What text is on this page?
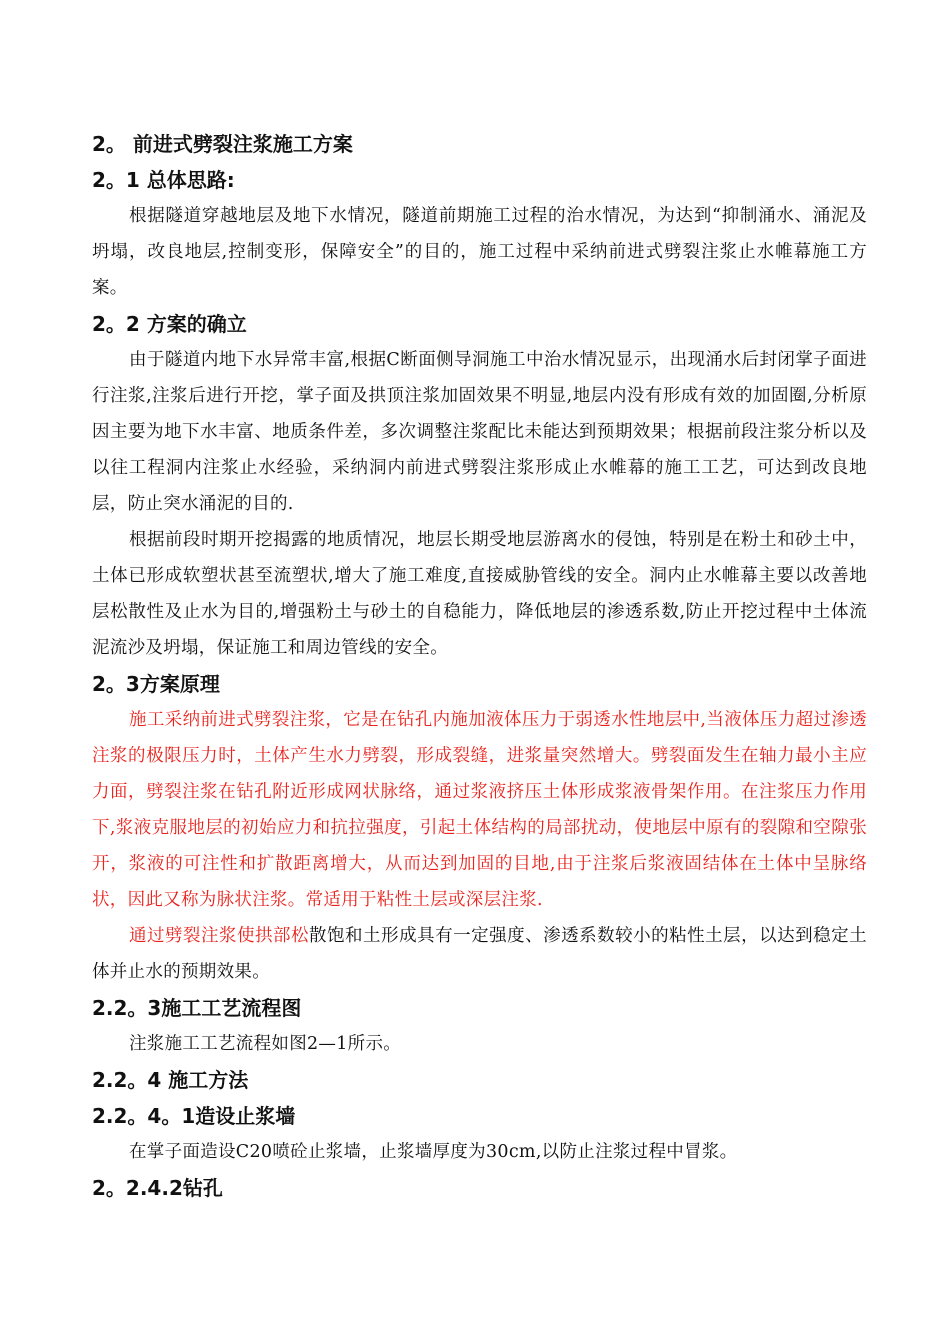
2。 前进式劈裂注浆施工方案
2。1 总体思路:

根据隧道穿越地层及地下水情况，隧道前期施工过程的治水情况，为达到“抑制涌水、涌泥及坍塌，改良地层,控制变形，保障安全”的目的，施工过程中采纳前进式劈裂注浆止水帷幕施工方案。

2。2 方案的确立

由于隧道内地下水异常丰富,根据C断面侧导洞施工中治水情况显示，出现涌水后封闭掌子面进行注浆,注浆后进行开挖，掌子面及拱顶注浆加固效果不明显,地层内没有形成有效的加固圈,分析原因主要为地下水丰富、地质条件差，多次调整注浆配比未能达到预期效果；根据前段注浆分析以及以往工程洞内注浆止水经验，采纳洞内前进式劈裂注浆形成止水帷幕的施工工艺，可达到改良地层，防止突水涌泥的目的.

根据前段时期开挖揭露的地质情况，地层长期受地层游离水的侵蚀，特别是在粉土和砂土中，土体已形成软塑状甚至流塑状,增大了施工难度,直接威胁管线的安全。洞内止水帷幕主要以改善地层松散性及止水为目的,增强粉土与砂土的自稳能力，降低地层的渗透系数,防止开挖过程中土体流泥流沙及坍塌，保证施工和周边管线的安全。

2。3方案原理

施工采纳前进式劈裂注浆，它是在钻孔内施加液体压力于弱透水性地层中,当液体压力超过渗透注浆的极限压力时，土体产生水力劈裂，形成裂缝，进浆量突然增大。劈裂面发生在轴力最小主应力面，劈裂注浆在钻孔附近形成网状脉络，通过浆液挤压土体形成浆液骨架作用。在注浆压力作用下,浆液克服地层的初始应力和抗拉强度，引起土体结构的局部扰动，使地层中原有的裂隙和空隙张开，浆液的可注性和扩散距离增大，从而达到加固的目地,由于注浆后浆液固结体在土体中呈脉络状，因此又称为脉状注浆。常适用于粘性土层或深层注浆.

通过劈裂注浆使拱部松散饱和土形成具有一定强度、渗透系数较小的粘性土层，以达到稳定土体并止水的预期效果。

2.2。3施工工艺流程图

注浆施工工艺流程如图2—1所示。

2.2。4 施工方法
2.2。4。1造设止浆墙

在掌子面造设C20喷砼止浆墙，止浆墙厚度为30cm,以防止注浆过程中冒浆。

2。2.4.2钻孔
